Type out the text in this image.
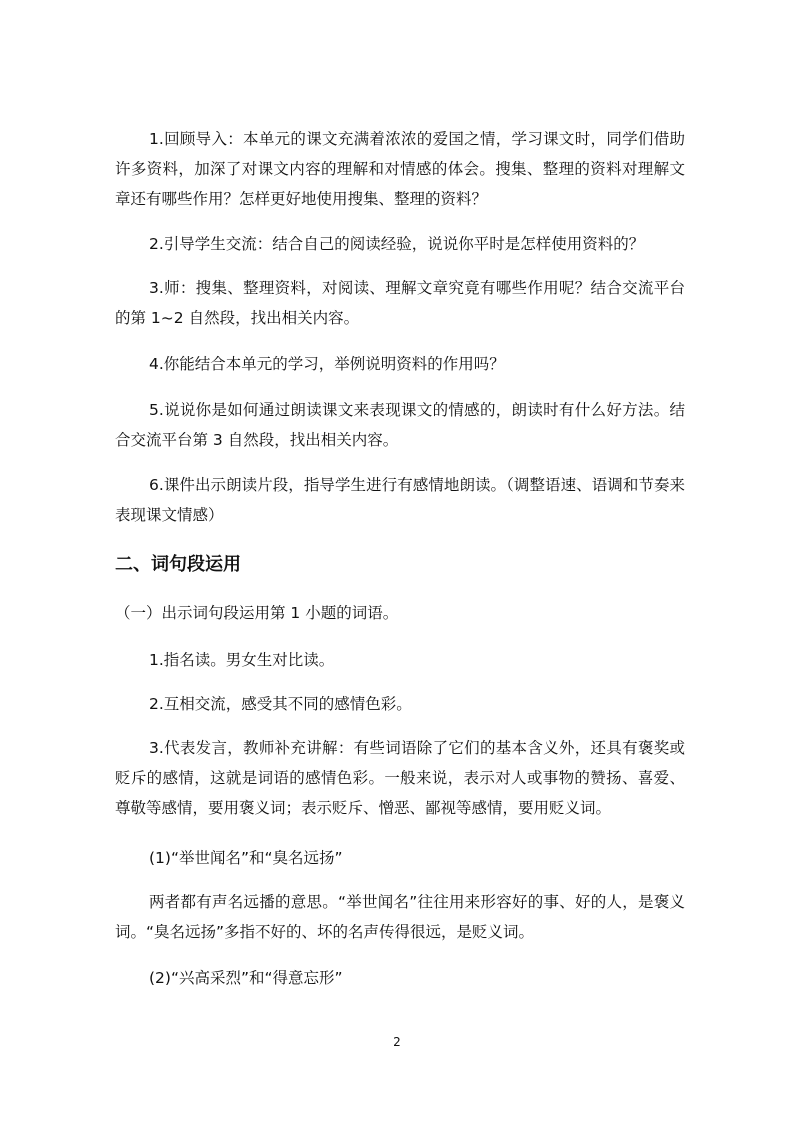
1.回顾导入：本单元的课文充满着浓浓的爱国之情，学习课文时，同学们借助许多资料，加深了对课文内容的理解和对情感的体会。搜集、整理的资料对理解文章还有哪些作用？怎样更好地使用搜集、整理的资料？

2.引导学生交流：结合自己的阅读经验，说说你平时是怎样使用资料的？

3.师：搜集、整理资料，对阅读、理解文章究竟有哪些作用呢？结合交流平台的第 1~2 自然段，找出相关内容。

4.你能结合本单元的学习，举例说明资料的作用吗？

5.说说你是如何通过朗读课文来表现课文的情感的，朗读时有什么好方法。结合交流平台第 3 自然段，找出相关内容。

6.课件出示朗读片段，指导学生进行有感情地朗读。（调整语速、语调和节奏来表现课文情感）

二、词句段运用

（一）出示词句段运用第 1 小题的词语。

1.指名读。男女生对比读。

2.互相交流，感受其不同的感情色彩。

3.代表发言，教师补充讲解：有些词语除了它们的基本含义外，还具有褒奖或贬斥的感情，这就是词语的感情色彩。一般来说，表示对人或事物的赞扬、喜爱、尊敬等感情，要用褒义词；表示贬斥、憎恶、鄙视等感情，要用贬义词。

(1)“举世闻名”和“臭名远扬”

两者都有声名远播的意思。“举世闻名”往往用来形容好的事、好的人，是褒义词。“臭名远扬”多指不好的、坏的名声传得很远，是贬义词。

(2)“兴高采烈”和“得意忘形”

2
